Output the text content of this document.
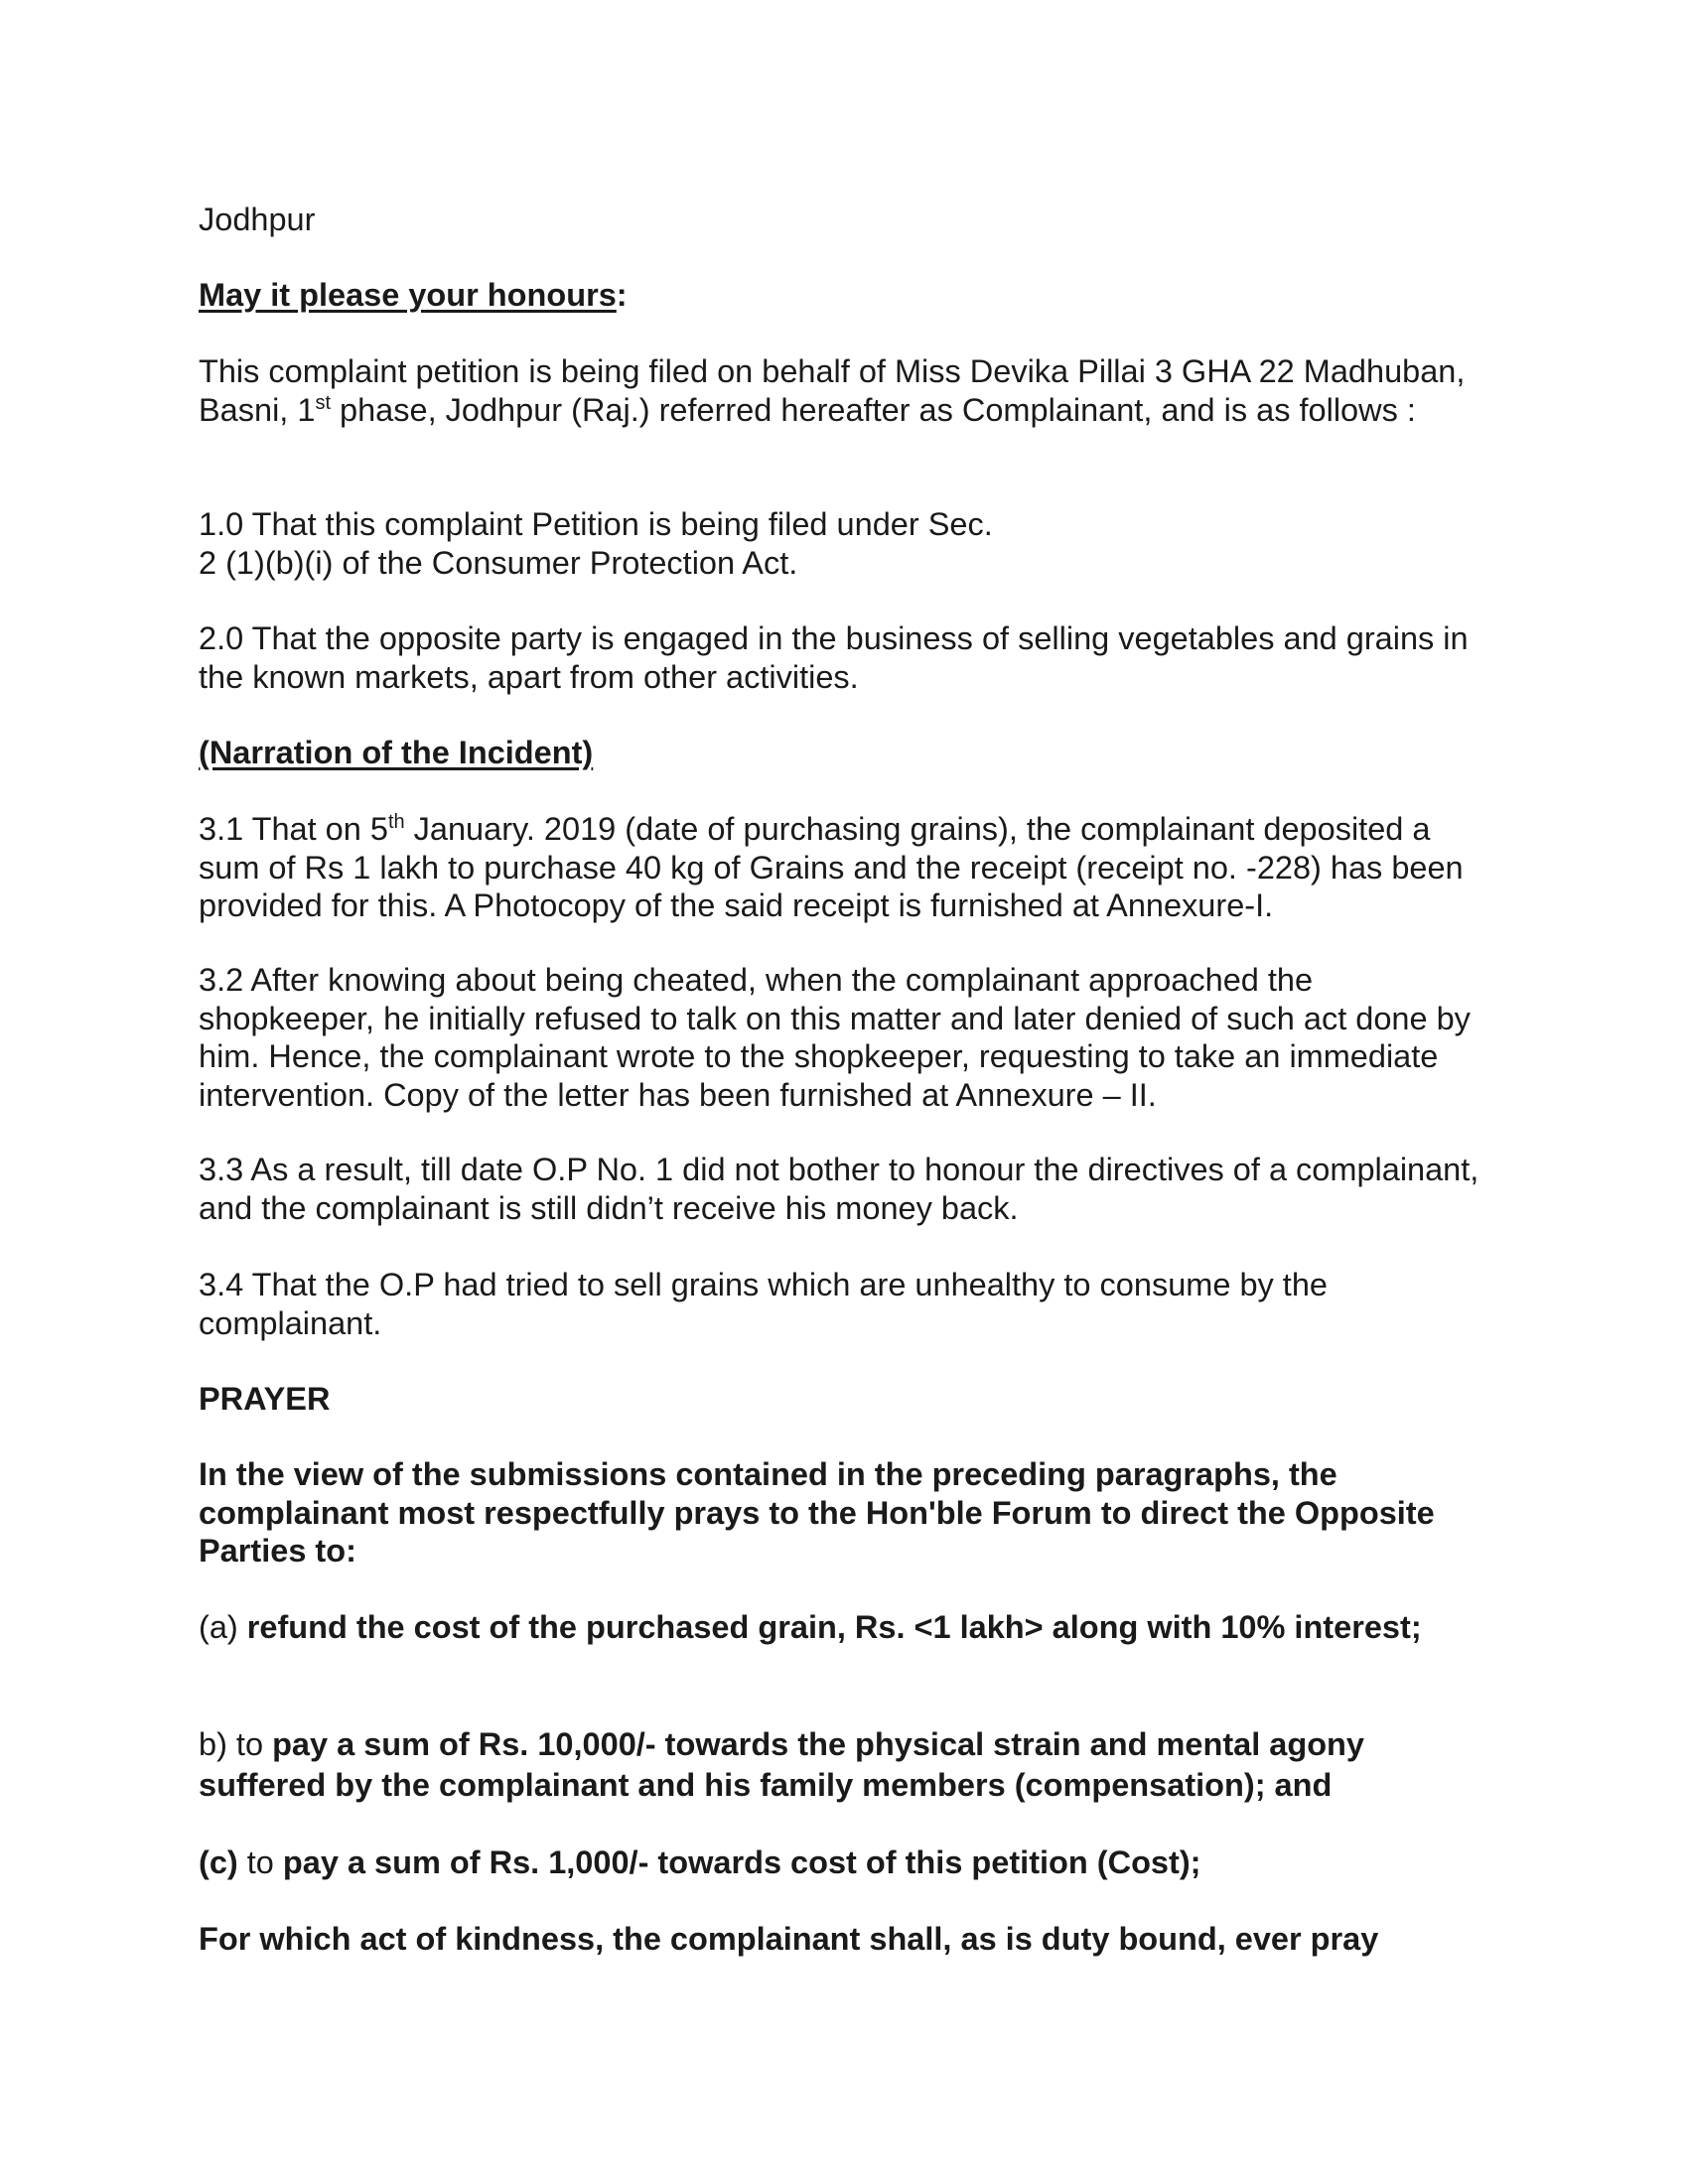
Jodhpur

May it please your honours:

This complaint petition is being filed on behalf of Miss Devika Pillai 3 GHA 22 Madhuban, Basni, 1st phase, Jodhpur (Raj.) referred hereafter as Complainant, and is as follows :

1.0 That this complaint Petition is being filed under Sec.
2 (1)(b)(i) of the Consumer Protection Act.

2.0 That the opposite party is engaged in the business of selling vegetables and grains in the known markets, apart from other activities.

(Narration of the Incident)

3.1 That on 5th January. 2019 (date of purchasing grains), the complainant deposited a sum of Rs 1 lakh to purchase 40 kg of Grains and the receipt (receipt no. -228) has been provided for this. A Photocopy of the said receipt is furnished at Annexure-I.

3.2 After knowing about being cheated, when the complainant approached the shopkeeper, he initially refused to talk on this matter and later denied of such act done by him. Hence, the complainant wrote to the shopkeeper, requesting to take an immediate intervention. Copy of the letter has been furnished at Annexure – II.

3.3 As a result, till date O.P No. 1 did not bother to honour the directives of a complainant, and the complainant is still didn’t receive his money back.

3.4 That the O.P had tried to sell grains which are unhealthy to consume by the complainant.

PRAYER

In the view of the submissions contained in the preceding paragraphs, the complainant most respectfully prays to the Hon'ble Forum to direct the Opposite Parties to:

(a) refund the cost of the purchased grain, Rs. <1 lakh> along with 10% interest;

b) to pay a sum of Rs. 10,000/- towards the physical strain and mental agony suffered by the complainant and his family members (compensation); and

(c) to pay a sum of Rs. 1,000/- towards cost of this petition (Cost);

For which act of kindness, the complainant shall, as is duty bound, ever pray
